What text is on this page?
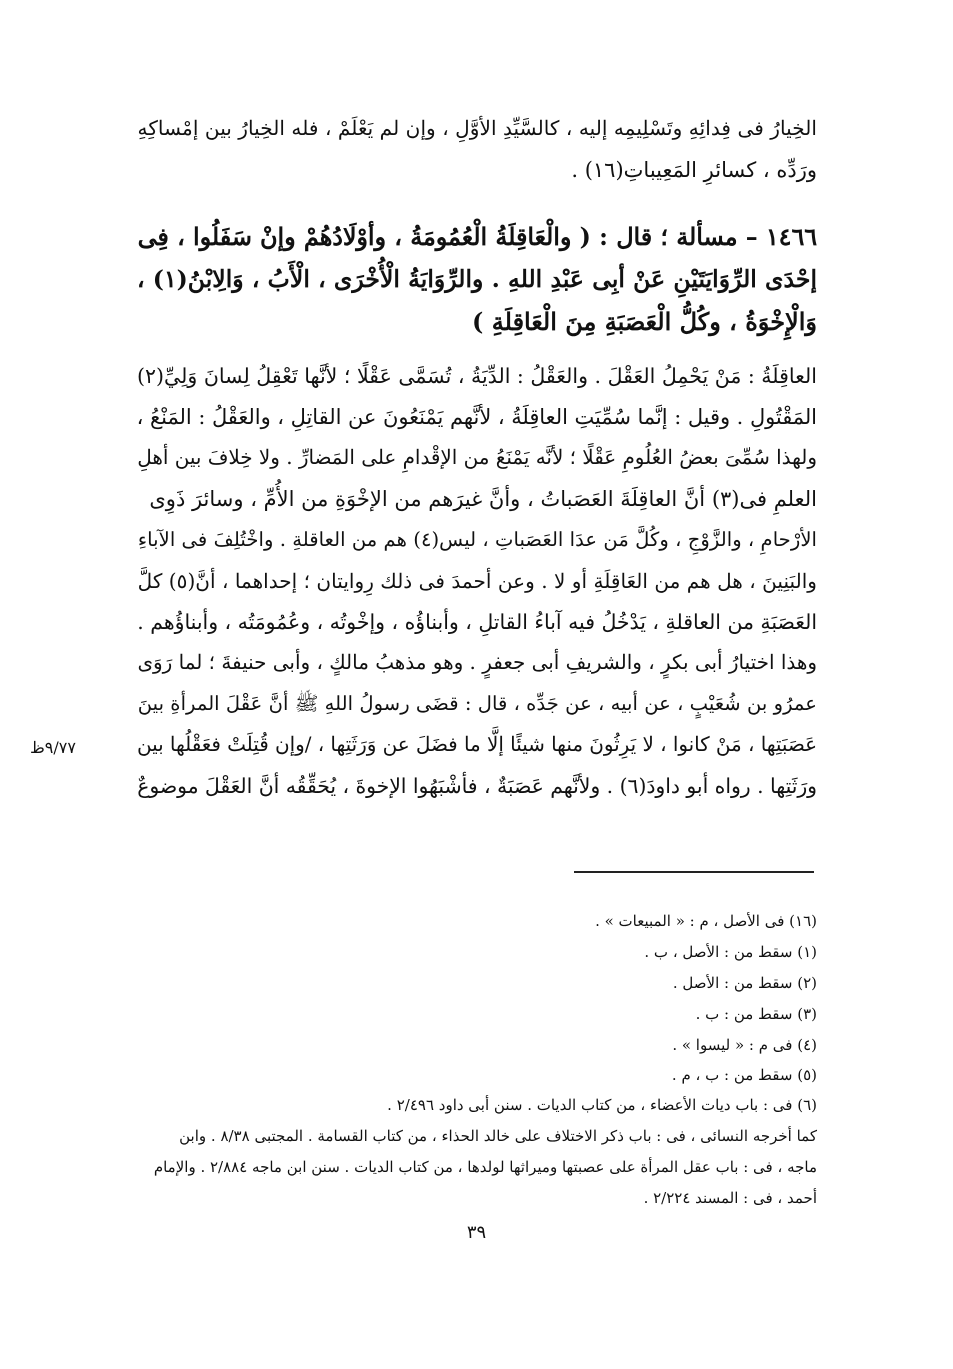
الخِيارُ فى فِدائِهِ وتَسْلِيمِه إليه ، كالسَّيِّدِ الأوَّلِ ، وإن لم يَعْلَمْ ، فله الخِيارُ بين إمْساكِهِ
ورَدِّه ، كسائرِ المَعِيباتِ(١٦) .
١٤٦٦ – مسألة ؛ قال : ( والْعَاقِلَةُ الْعُمُومَةُ ، وأوْلَادُهُمْ وإنْ سَفَلُوا ، فِى
إحْدَى الرِّوَايَتَيْنِ عَنْ أبِى عَبْدِ اللهِ . والرِّوَايَةُ الْأُخْرَى ، الْأَبُ ، وَالِابْنُ(١) ،
وَالْإِخْوَةُ ، وكُلُّ الْعَصَبَةِ مِنَ الْعَاقِلَةِ )
العاقِلَةُ : مَنْ يَحْمِلُ العَقْلَ . والعَقْلُ : الدِّيَةُ ، تُسَمَّى عَقْلًا ؛ لأنَّها تَعْقِلُ لِسانَ وَلِيِّ(٢)
المَقْتُولِ . وقيل : إنَّما سُمِّيَتِ العاقِلَةُ ، لأنَّهم يَمْنَعُونَ عن القاتِلِ ، والعَقْلُ : المَنْعُ ،
ولهذا سُمِّىَ بعضُ العُلُومِ عَقْلًا ؛ لأنَّه يَمْنَعُ من الإقْدامِ على المَضارِّ . ولا خِلافَ بين أهلِ
العلمِ فى(٣) أنَّ العاقِلَةَ العَصَباتُ ، وأنَّ غيرَهم من الإخْوَةِ من الأُمِّ ، وسائرَ ذَوِى
الأرْحامِ ، والزَّوْجِ ، وكُلَّ مَن عدَا العَصَباتِ ، ليس(٤) هم من العاقلةِ . واخْتُلِفَ فى الآباءِ
والبَنِينَ ، هل هم من العَاقِلَةِ أو لا . وعن أحمدَ فى ذلك رِوايتان ؛ إحداهما ، أنَّ(٥) كلَّ
العَصَبَةِ من العاقلةِ ، يَدْخُلُ فيه آباءُ القاتلِ ، وأبناؤُه ، وإخْوتُه ، وعُمُومَتُه ، وأبناؤُهم .
وهذا اختيارُ أبى بكرٍ ، والشريفِ أبى جعفرٍ . وهو مذهبُ مالكٍ ، وأبى حنيفةَ ؛ لما رَوَى
عمرُو بن شُعَيْبٍ ، عن أبيه ، عن جَدِّه ، قال : قضَى رسولُ اللهِ ﷺ أنَّ عَقْلَ المرأةِ بينَ
عَصَبَتِها ، مَنْ كانوا ، لا يَرِثُونَ منها شيئًا إلَّا ما فضَلَ عن وَرَثَتِها ، /وإن قُتِلَتْ فعَقْلُها بين
ورَثَتِها . رواه أبو داودَ(٦) . ولأنَّهم عَصَبَةٌ ، فأشْبَهُوا الإخوةَ ، يُحَقِّقُه أنَّ العَقْلَ موضوعٌ
٩/٧٧ظ
(١٦) فى الأصل ، م : « المبيعات » .
(١) سقط من : الأصل ، ب .
(٢) سقط من : الأصل .
(٣) سقط من : ب .
(٤) فى م : « ليسوا » .
(٥) سقط من : ب ، م .
(٦) فى : باب ديات الأعضاء ، من كتاب الديات . سنن أبى داود ٢/٤٩٦ .
كما أخرجه النسائى ، فى : باب ذكر الاختلاف على خالد الحذاء ، من كتاب القسامة . المجتبى ٨/٣٨ . وابن
ماجه ، فى : باب عقل المرأة على عصبتها وميراثها لولدها ، من كتاب الديات . سنن ابن ماجه ٢/٨٨٤ . والإمام
أحمد ، فى : المسند ٢/٢٢٤ .
٣٩
